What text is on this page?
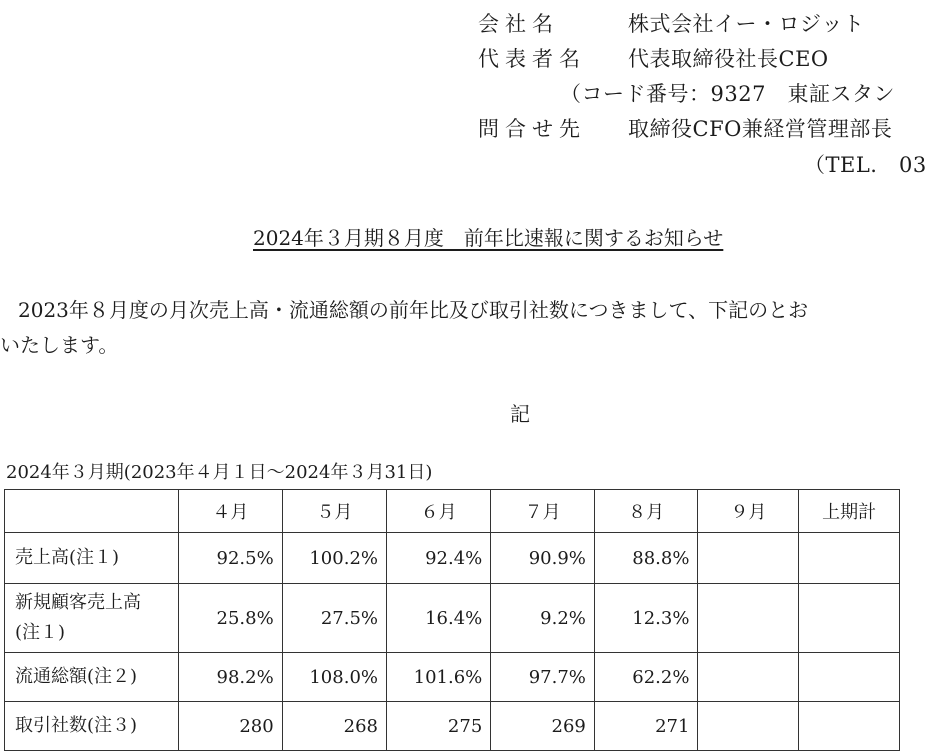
会社名	株式会社イー・ロジット
代表者名 代表取締役社長CEO
（コード番号：9327　東証スタン
問合せ先 取締役CFO兼経営管理部長
（TEL.　03
2024年３月期８月度　前年比速報に関するお知らせ
2023年８月度の月次売上高・流通総額の前年比及び取引社数につきまして、下記のとお
いたします。
記
2024年３月期(2023年４月１日～2024年３月31日)
	４月	５月	６月	７月	８月	９月	上期計
売上高(注１)	92.5%	100.2%	92.4%	90.9%	88.8%		

新規顧客売上高
(注１)	25.8%	27.5%	16.4%	9.2%	12.3%		
流通総額(注２)	98.2%	108.0%	101.6%	97.7%	62.2%		
取引社数(注３)	280	268	275	269	271		
